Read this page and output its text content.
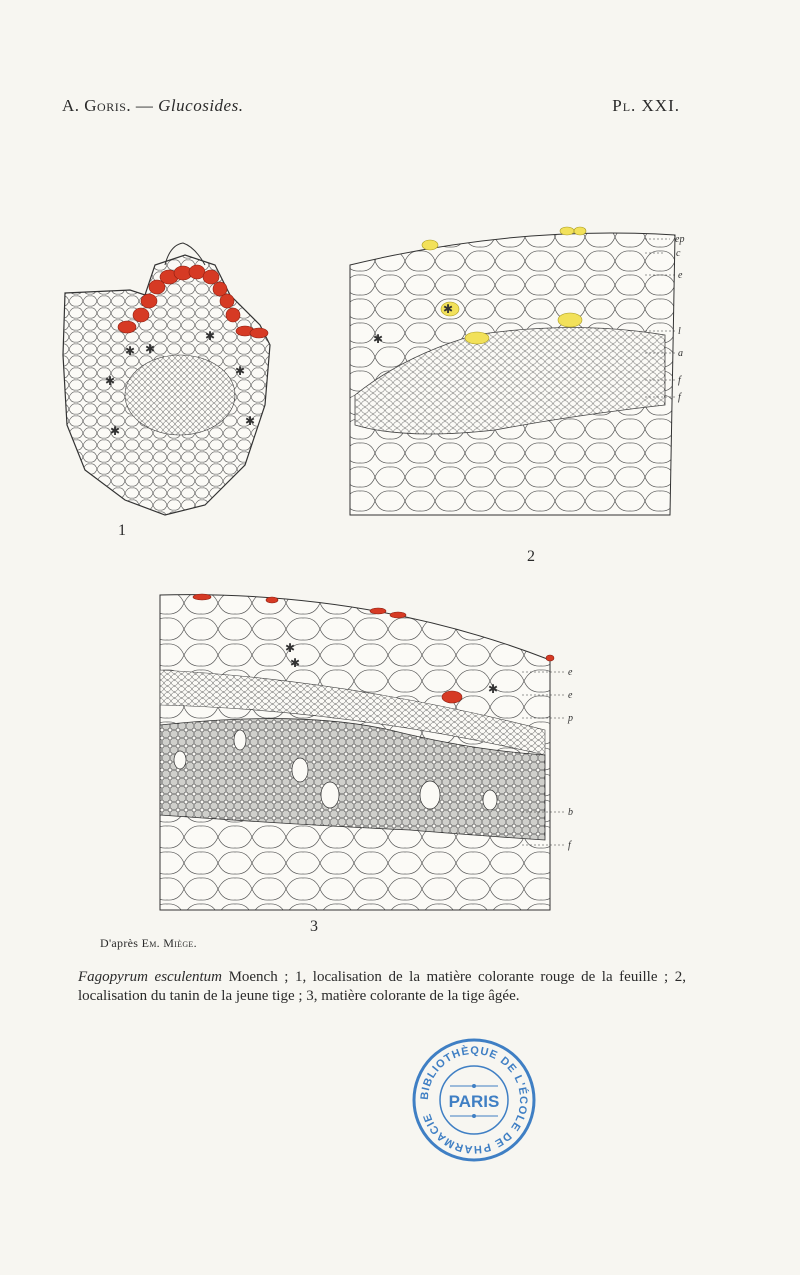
A. Goris. — Glucosides.	Pl. XXI.
✱ ✱
✱
✱
✱
✱
✱
1
✱
✱
ep
c
e
l
a
f
f
2
✱
✱
✱
e
e
p
b
f
3
D'après Em. Miège.
Fagopyrum esculentum Moench ; 1, localisation de la matière colorante rouge de la feuille ; 2, localisation du tanin de la jeune tige ; 3, matière colorante de la tige âgée.
BIBLIOTHÈQUE DE L'ÉCOLE DE PHARMACIE
PARIS
